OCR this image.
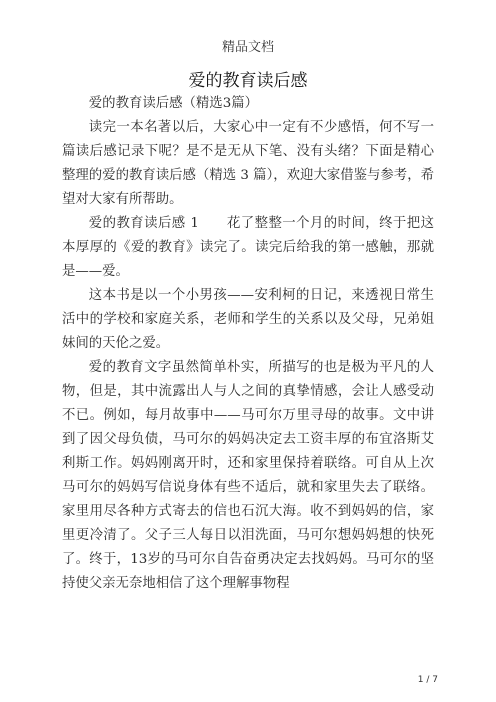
精品文档
爱的教育读后感

爱的教育读后感（精选3篇）

读完一本名著以后，大家心中一定有不少感悟，何不写一篇读后感记录下呢？是不是无从下笔、没有头绪？下面是精心整理的爱的教育读后感（精选 3 篇），欢迎大家借鉴与参考，希望对大家有所帮助。

爱的教育读后感 1　　花了整整一个月的时间，终于把这本厚厚的《爱的教育》读完了。读完后给我的第一感触，那就是——爱。

这本书是以一个小男孩——安利柯的日记，来透视日常生活中的学校和家庭关系，老师和学生的关系以及父母，兄弟姐妹间的天伦之爱。

爱的教育文字虽然简单朴实，所描写的也是极为平凡的人物，但是，其中流露出人与人之间的真挚情感，会让人感受动不已。例如，每月故事中——马可尔万里寻母的故事。文中讲到了因父母负债，马可尔的妈妈决定去工资丰厚的布宜洛斯艾利斯工作。妈妈刚离开时，还和家里保持着联络。可自从上次马可尔的妈妈写信说身体有些不适后，就和家里失去了联络。家里用尽各种方式寄去的信也石沉大海。收不到妈妈的信，家里更冷清了。父子三人每日以泪洗面，马可尔想妈妈想的快死了。终于，13岁的马可尔自告奋勇决定去找妈妈。马可尔的坚持使父亲无奈地相信了这个理解事物程

1 / 7
